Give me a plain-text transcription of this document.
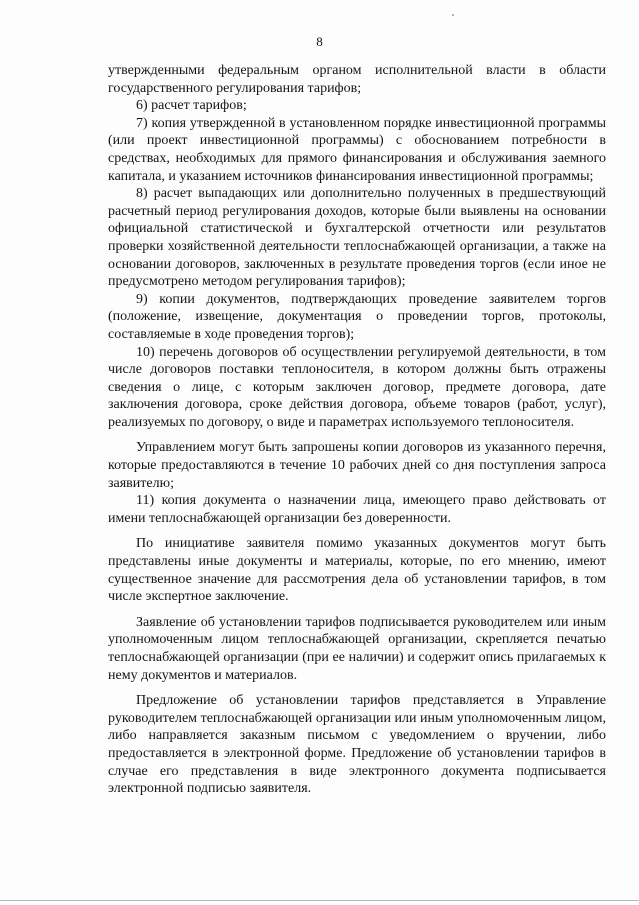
8

утвержденными федеральным органом исполнительной власти в области государственного регулирования тарифов;

6) расчет тарифов;

7) копия утвержденной в установленном порядке инвестиционной программы (или проект инвестиционной программы) с обоснованием потребности в средствах, необходимых для прямого финансирования и обслуживания заемного капитала, и указанием источников финансирования инвестиционной программы;

8) расчет выпадающих или дополнительно полученных в предшествующий расчетный период регулирования доходов, которые были выявлены на основании официальной статистической и бухгалтерской отчетности или результатов проверки хозяйственной деятельности теплоснабжающей организации, а также на основании договоров, заключенных в результате проведения торгов (если иное не предусмотрено методом регулирования тарифов);

9) копии документов, подтверждающих проведение заявителем торгов (положение, извещение, документация о проведении торгов, протоколы, составляемые в ходе проведения торгов);

10) перечень договоров об осуществлении регулируемой деятельности, в том числе договоров поставки теплоносителя, в котором должны быть отражены сведения о лице, с которым заключен договор, предмете договора, дате заключения договора, сроке действия договора, объеме товаров (работ, услуг), реализуемых по договору, о виде и параметрах используемого теплоносителя.

Управлением могут быть запрошены копии договоров из указанного перечня, которые предоставляются в течение 10 рабочих дней со дня поступления запроса заявителю;

11) копия документа о назначении лица, имеющего право действовать от имени теплоснабжающей организации без доверенности.

По инициативе заявителя помимо указанных документов могут быть представлены иные документы и материалы, которые, по его мнению, имеют существенное значение для рассмотрения дела об установлении тарифов, в том числе экспертное заключение.

Заявление об установлении тарифов подписывается руководителем или иным уполномоченным лицом теплоснабжающей организации, скрепляется печатью теплоснабжающей организации (при ее наличии) и содержит опись прилагаемых к нему документов и материалов.

Предложение об установлении тарифов представляется в Управление руководителем теплоснабжающей организации или иным уполномоченным лицом, либо направляется заказным письмом с уведомлением о вручении, либо предоставляется в электронной форме. Предложение об установлении тарифов в случае его представления в виде электронного документа подписывается электронной подписью заявителя.
